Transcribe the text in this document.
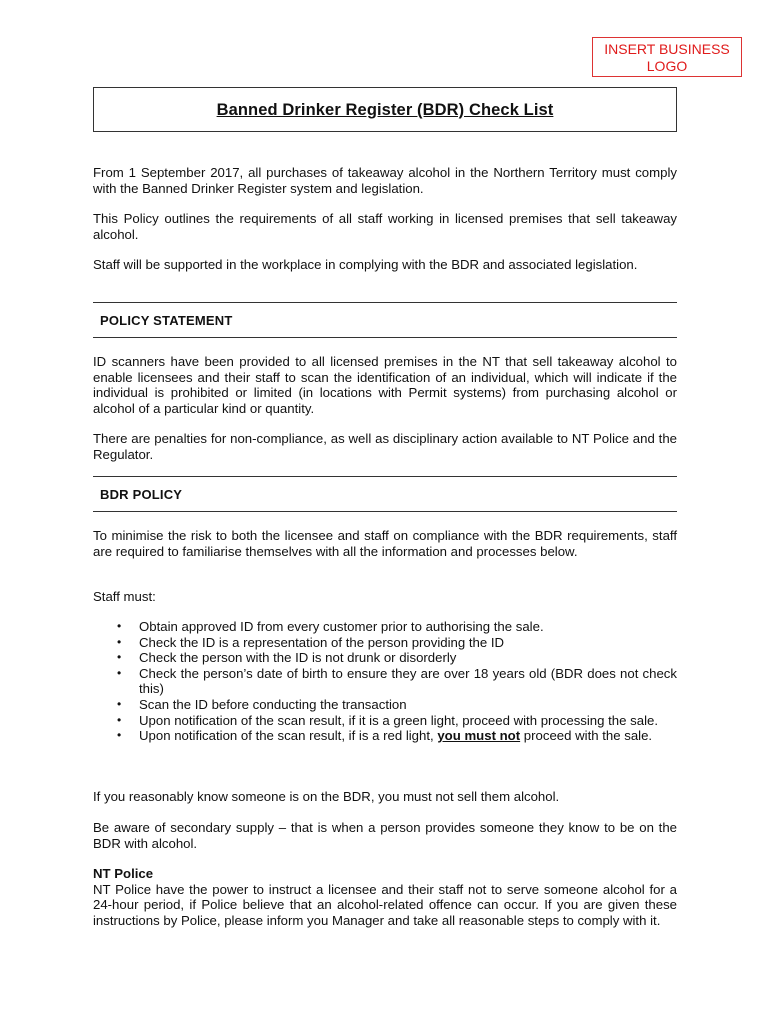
INSERT BUSINESS
LOGO
Banned Drinker Register (BDR) Check List

From 1 September 2017, all purchases of takeaway alcohol in the Northern Territory must comply with the Banned Drinker Register system and legislation.

This Policy outlines the requirements of all staff working in licensed premises that sell takeaway alcohol.

Staff will be supported in the workplace in complying with the BDR and associated legislation.

POLICY STATEMENT

ID scanners have been provided to all licensed premises in the NT that sell takeaway alcohol to enable licensees and their staff to scan the identification of an individual, which will indicate if the individual is prohibited or limited (in locations with Permit systems) from purchasing alcohol or alcohol of a particular kind or quantity.

There are penalties for non-compliance, as well as disciplinary action available to NT Police and the Regulator.

BDR POLICY

To minimise the risk to both the licensee and staff on compliance with the BDR requirements, staff are required to familiarise themselves with all the information and processes below.

Staff must:

• Obtain approved ID from every customer prior to authorising the sale.
• Check the ID is a representation of the person providing the ID
• Check the person with the ID is not drunk or disorderly
• Check the person’s date of birth to ensure they are over 18 years old (BDR does not check this)
• Scan the ID before conducting the transaction
• Upon notification of the scan result, if it is a green light, proceed with processing the sale.
• Upon notification of the scan result, if is a red light, you must not proceed with the sale.

If you reasonably know someone is on the BDR, you must not sell them alcohol.

Be aware of secondary supply – that is when a person provides someone they know to be on the BDR with alcohol.

NT Police
NT Police have the power to instruct a licensee and their staff not to serve someone alcohol for a 24-hour period, if Police believe that an alcohol-related offence can occur. If you are given these instructions by Police, please inform you Manager and take all reasonable steps to comply with it.
